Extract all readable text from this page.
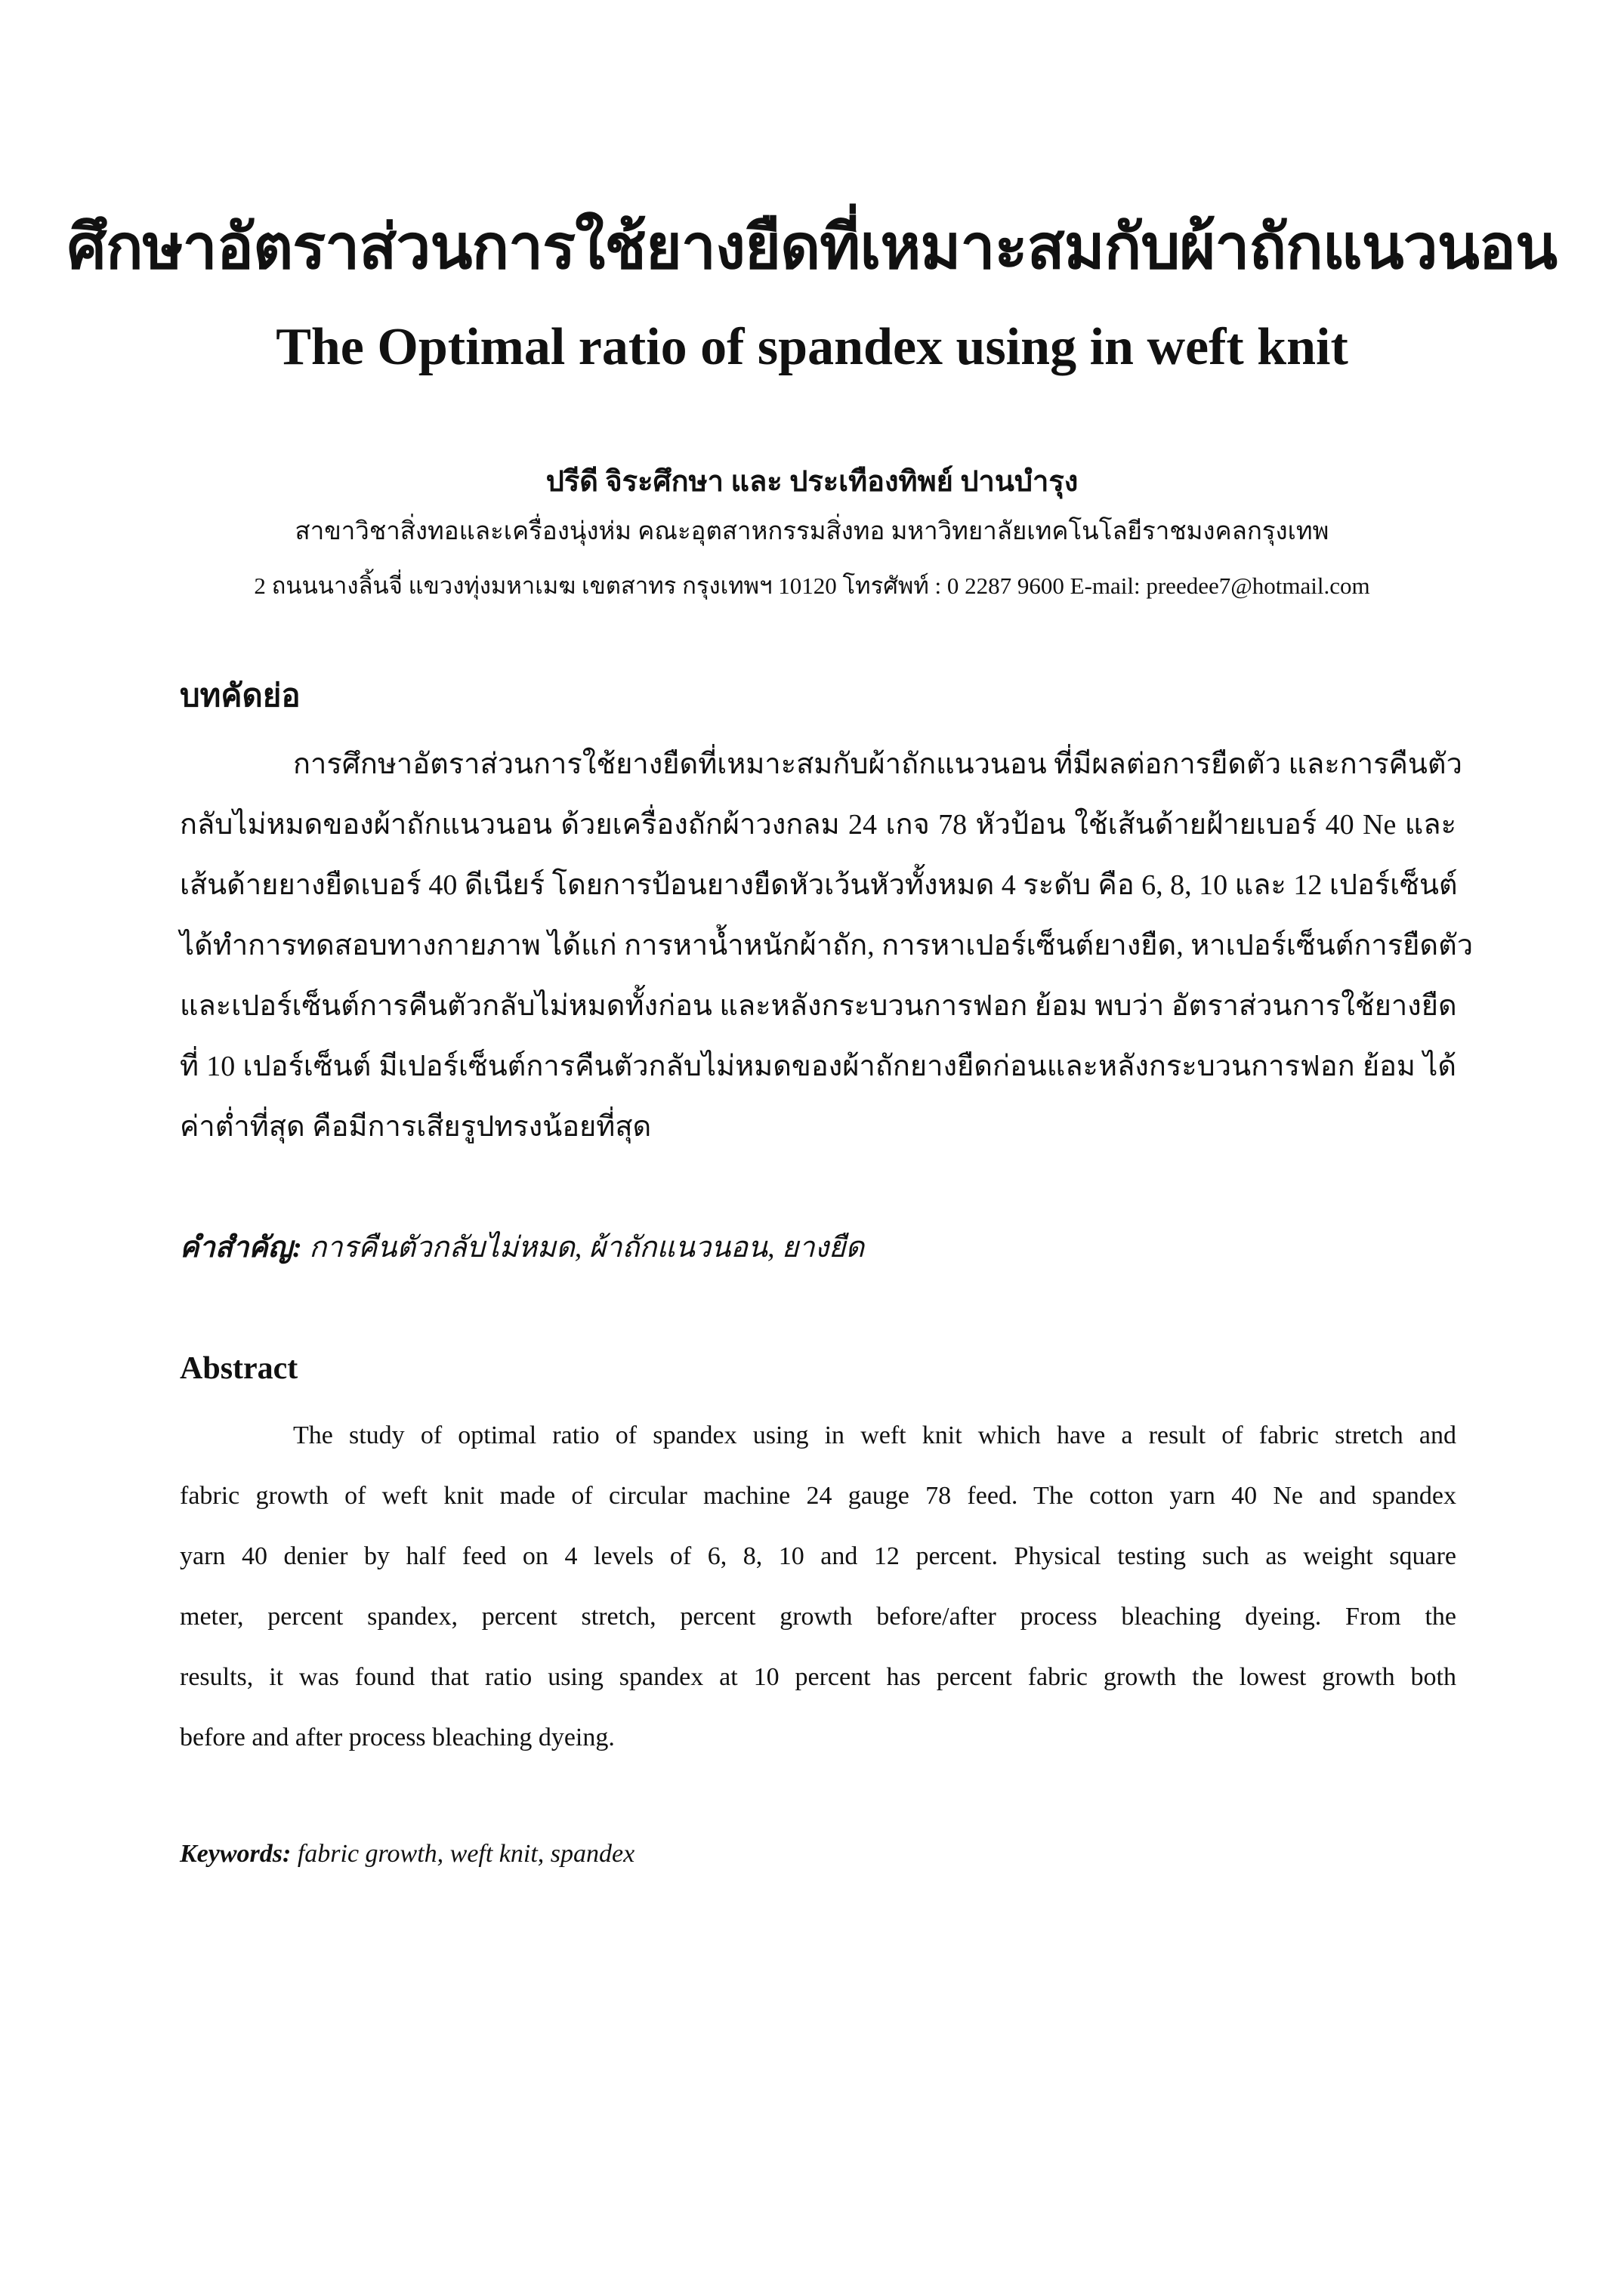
ศึกษาอัตราส่วนการใช้ยางยืดที่เหมาะสมกับผ้าถักแนวนอน
The Optimal ratio of spandex using in weft knit
ปรีดี จิระศึกษา และ ประเทืองทิพย์ ปานบำรุง
สาขาวิชาสิ่งทอและเครื่องนุ่งห่ม คณะอุตสาหกรรมสิ่งทอ มหาวิทยาลัยเทคโนโลยีราชมงคลกรุงเทพ
2 ถนนนางลิ้นจี่ แขวงทุ่งมหาเมฆ เขตสาทร กรุงเทพฯ 10120 โทรศัพท์ : 0 2287 9600 E-mail: preedee7@hotmail.com
บทคัดย่อ
การศึกษาอัตราส่วนการใช้ยางยืดที่เหมาะสมกับผ้าถักแนวนอน ที่มีผลต่อการยืดตัว และการคืนตัว
กลับไม่หมดของผ้าถักแนวนอน ด้วยเครื่องถักผ้าวงกลม 24 เกจ 78 หัวป้อน ใช้เส้นด้ายฝ้ายเบอร์ 40 Ne และ
เส้นด้ายยางยืดเบอร์ 40 ดีเนียร์ โดยการป้อนยางยืดหัวเว้นหัวทั้งหมด 4 ระดับ คือ 6, 8, 10 และ 12 เปอร์เซ็นต์
ได้ทำการทดสอบทางกายภาพ ได้แก่ การหาน้ำหนักผ้าถัก, การหาเปอร์เซ็นต์ยางยืด, หาเปอร์เซ็นต์การยืดตัว
และเปอร์เซ็นต์การคืนตัวกลับไม่หมดทั้งก่อน และหลังกระบวนการฟอก ย้อม พบว่า อัตราส่วนการใช้ยางยืด
ที่ 10 เปอร์เซ็นต์ มีเปอร์เซ็นต์การคืนตัวกลับไม่หมดของผ้าถักยางยืดก่อนและหลังกระบวนการฟอก ย้อม ได้
ค่าต่ำที่สุด คือมีการเสียรูปทรงน้อยที่สุด
คำสำคัญ: การคืนตัวกลับไม่หมด, ผ้าถักแนวนอน, ยางยืด
Abstract
The study of optimal ratio of spandex using in weft knit which have a result of fabric stretch and
fabric growth of weft knit made of circular machine 24 gauge 78 feed. The cotton yarn 40 Ne and spandex
yarn 40 denier by half feed on 4 levels of 6, 8, 10 and 12 percent. Physical testing such as weight square
meter, percent spandex, percent stretch, percent growth before/after process bleaching dyeing. From the
results, it was found that ratio using spandex at 10 percent has percent fabric growth the lowest growth both
before and after process bleaching dyeing.
Keywords: fabric growth, weft knit, spandex
